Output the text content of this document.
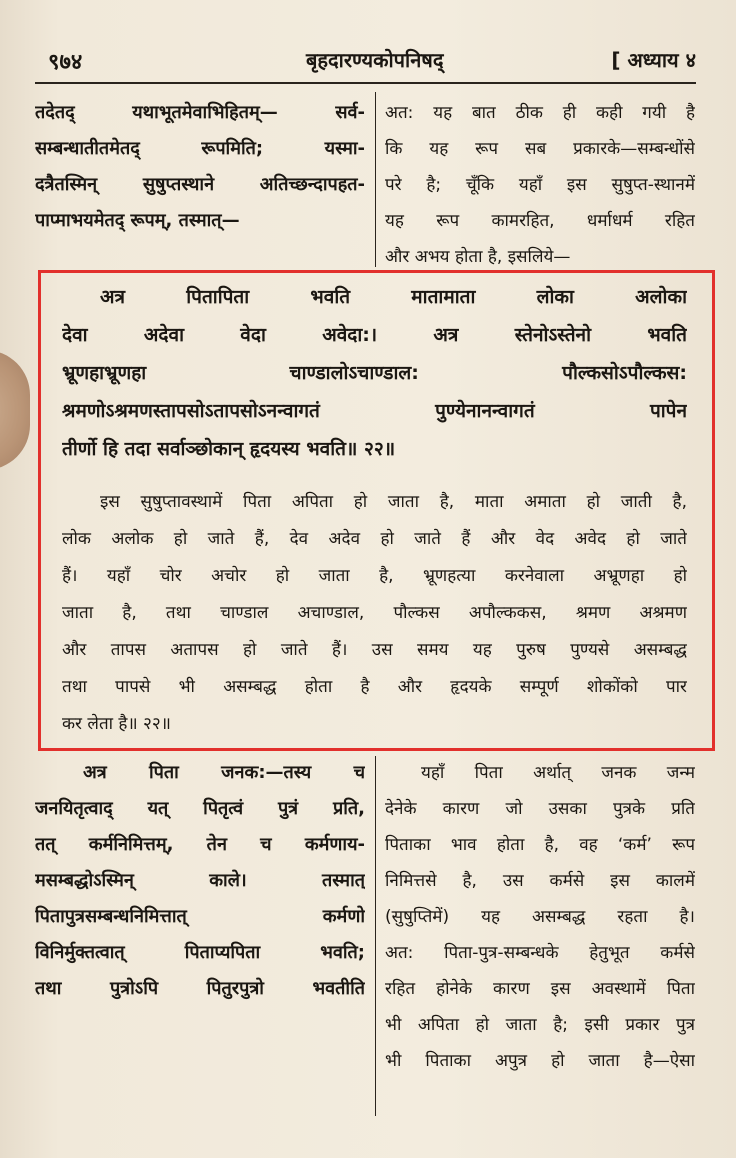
९७४	बृहदारण्यकोपनिषद्	[ अध्याय ४
तदेतद् यथाभूतमेवाभिहितम्— सर्व-
सम्बन्धातीतमेतद् रूपमिति; यस्मा-
दत्रैतस्मिन् सुषुप्तस्थाने अतिच्छन्दापहत-
पाप्माभयमेतद् रूपम्, तस्मात्—
अत: यह बात ठीक ही कही गयी है
कि यह रूप सब प्रकारके—सम्बन्धोंसे
परे है; चूँकि यहाँ इस सुषुप्त-स्थानमें
यह रूप कामरहित, धर्माधर्म रहित
और अभय होता है, इसलिये—
अत्र पितापिता भवति मातामाता लोका अलोका
देवा अदेवा वेदा अवेदा:। अत्र स्तेनोऽस्तेनो भवति
भ्रूणहाभ्रूणहा चाण्डालोऽचाण्डाल: पौल्कसोऽपौल्कस:
श्रमणोऽश्रमणस्तापसोऽतापसोऽनन्वागतं पुण्येनानन्वागतं पापेन
तीर्णो हि तदा सर्वाञ्छोकान् हृदयस्य भवति॥ २२॥
इस सुषुप्तावस्थामें पिता अपिता हो जाता है, माता अमाता हो जाती है,
लोक अलोक हो जाते हैं, देव अदेव हो जाते हैं और वेद अवेद हो जाते
हैं। यहाँ चोर अचोर हो जाता है, भ्रूणहत्या करनेवाला अभ्रूणहा हो
जाता है, तथा चाण्डाल अचाण्डाल, पौल्कस अपौल्ककस, श्रमण अश्रमण
और तापस अतापस हो जाते हैं। उस समय यह पुरुष पुण्यसे असम्बद्ध
तथा पापसे भी असम्बद्ध होता है और हृदयके सम्पूर्ण शोकोंको पार
कर लेता है॥ २२॥
अत्र पिता जनक:—तस्य च
जनयितृत्वाद् यत् पितृत्वं पुत्रं प्रति,
तत् कर्मनिमित्तम्, तेन च कर्मणाय-
मसम्बद्धोऽस्मिन् काले। तस्मात्
पितापुत्रसम्बन्धनिमित्तात् कर्मणो
विनिर्मुक्तत्वात् पिताप्यपिता भवति;
तथा पुत्रोऽपि पितुरपुत्रो भवतीति
यहाँ पिता अर्थात् जनक जन्म
देनेके कारण जो उसका पुत्रके प्रति
पिताका भाव होता है, वह ‘कर्म’ रूप
निमित्तसे है, उस कर्मसे इस कालमें
(सुषुप्तिमें) यह असम्बद्ध रहता है।
अत: पिता-पुत्र-सम्बन्धके हेतुभूत कर्मसे
रहित होनेके कारण इस अवस्थामें पिता
भी अपिता हो जाता है; इसी प्रकार पुत्र
भी पिताका अपुत्र हो जाता है—ऐसा
